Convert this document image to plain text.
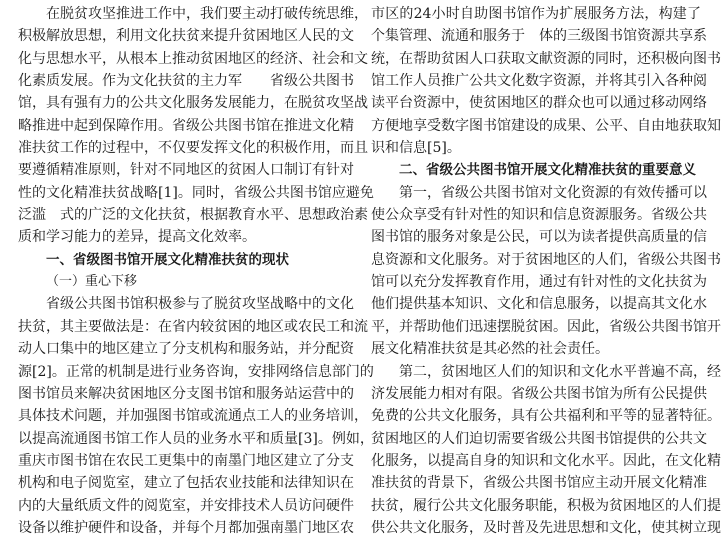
在脱贫攻坚推进工作中，我们要主动打破传统思维，
积极解放思想，利用文化扶贫来提升贫困地区人民的文
化与思想水平，从根本上推动贫困地区的经济、社会和文
化素质发展。作为文化扶贫的主力军　　省级公共图书
馆，具有强有力的公共文化服务发展能力，在脱贫攻坚战
略推进中起到保障作用。省级公共图书馆在推进文化精
准扶贫工作的过程中，不仅要发挥文化的积极作用，而且
要遵循精准原则，针对不同地区的贫困人口制订有针对
性的文化精准扶贫战略[1]。同时，省级公共图书馆应避免
泛滥　式的广泛的文化扶贫，根据教育水平、思想政治素
质和学习能力的差异，提高文化效率。
一、省级图书馆开展文化精准扶贫的现状
（一）重心下移
省级公共图书馆积极参与了脱贫攻坚战略中的文化
扶贫，其主要做法是：在省内较贫困的地区或农民工和流
动人口集中的地区建立了分支机构和服务站，并分配资
源[2]。正常的机制是进行业务咨询，安排网络信息部门的
图书馆员来解决贫困地区分支图书馆和服务站运营中的
具体技术问题，并加强图书馆或流通点工人的业务培训，
以提高流通图书馆工作人员的业务水平和质量[3]。例如，
重庆市图书馆在农民工更集中的南墨门地区建立了分支
机构和电子阅览室，建立了包括农业技能和法律知识在
内的大量纸质文件的阅览室，并安排技术人员访问硬件
设备以维护硬件和设备，并每个月都加强南墨门地区农
市区的24小时自助图书馆作为扩展服务方法，构建了
个集管理、流通和服务于　体的三级图书馆资源共享系
统，在帮助贫困人口获取文献资源的同时，还积极向图书
馆工作人员推广公共文化数字资源，并将其引入各种阅
读平台资源中，使贫困地区的群众也可以通过移动网络
方便地享受数字图书馆建设的成果、公平、自由地获取知
识和信息[5]。
二、省级公共图书馆开展文化精准扶贫的重要意义
第一，省级公共图书馆对文化资源的有效传播可以
使公众享受有针对性的知识和信息资源服务。省级公共
图书馆的服务对象是公民，可以为读者提供高质量的信
息资源和文化服务。对于贫困地区的人们，省级公共图书
馆可以充分发挥教育作用，通过有针对性的文化扶贫为
他们提供基本知识、文化和信息服务，以提高其文化水
平，并帮助他们迅速摆脱贫困。因此，省级公共图书馆开
展文化精准扶贫是其必然的社会责任。
第二，贫困地区人们的知识和文化水平普遍不高，经
济发展能力相对有限。省级公共图书馆为所有公民提供
免费的公共文化服务，具有公共福利和平等的显著特征。
贫困地区的人们迫切需要省级公共图书馆提供的公共文
化服务，以提高自身的知识和文化水平。因此，在文化精
准扶贫的背景下，省级公共图书馆应主动开展文化精准
扶贫，履行公共文化服务职能，积极为贫困地区的人们提
供公共文化服务，及时普及先进思想和文化，使其树立现
